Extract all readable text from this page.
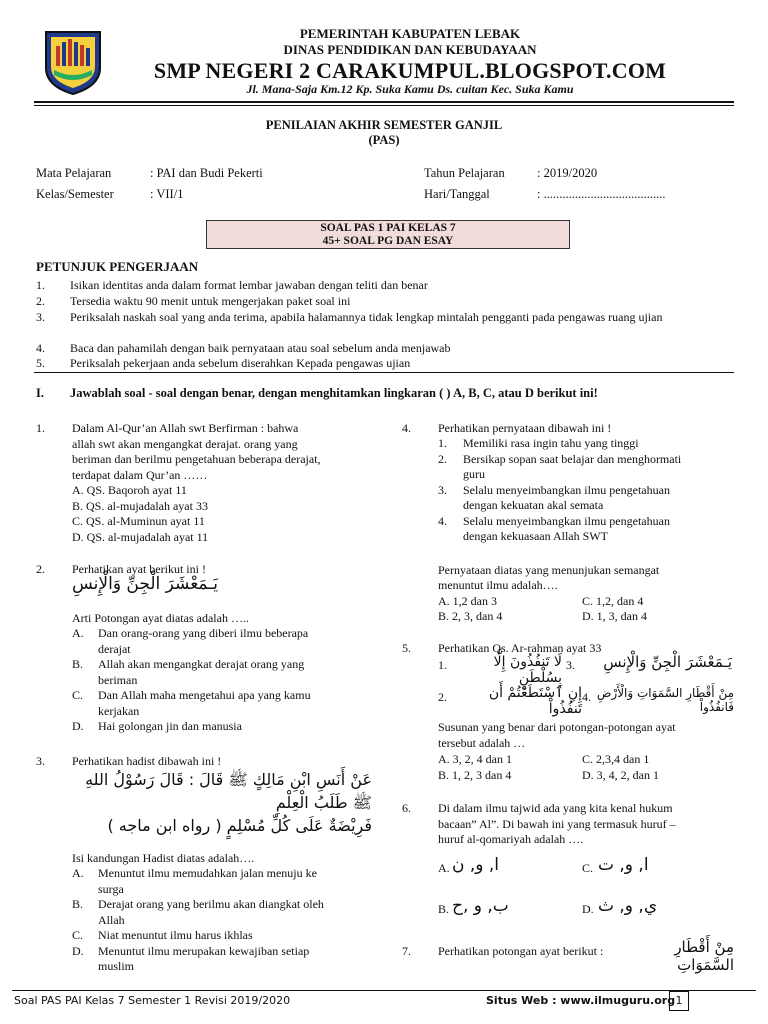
PEMERINTAH KABUPATEN LEBAK
DINAS PENDIDIKAN DAN KEBUDAYAAN
SMP NEGERI 2 CARAKUMPUL.BLOGSPOT.COM
Jl. Mana-Saja Km.12 Kp. Suka Kamu Ds. cuitan Kec. Suka Kamu
PENILAIAN AKHIR SEMESTER GANJIL
(PAS)
Mata Pelajaran	: PAI dan Budi Pekerti
Kelas/Semester	: VII/1
Tahun Pelajaran	: 2019/2020
Hari/Tanggal	: .......................................
SOAL PAS 1 PAI KELAS 7
45+ SOAL PG DAN ESAY
PETUNJUK PENGERJAAN
1. Isikan identitas anda dalam format lembar jawaban dengan teliti dan benar
2. Tersedia waktu 90 menit untuk mengerjakan paket soal ini
3. Periksalah naskah soal yang anda terima, apabila halamannya tidak lengkap mintalah pengganti pada pengawas ruang ujian
4. Baca dan pahamilah dengan baik pernyataan atau soal sebelum anda menjawab
5. Periksalah pekerjaan anda sebelum diserahkan Kepada pengawas ujian
I. Jawablah soal - soal dengan benar, dengan menghitamkan lingkaran ( ) A, B, C, atau D berikut ini!
1. Dalam Al-Qur’an Allah swt Berfirman : bahwa
allah swt akan mengangkat derajat. orang yang
beriman dan berilmu pengetahuan beberapa derajat,
terdapat dalam Qur’an ……
A. QS. Baqoroh ayat 11
B. QS. al-mujadalah ayat 33
C. QS. al-Muminun ayat 11
D. QS. al-mujadalah ayat 11
2. Perhatikan ayat berikut ini !
يَـمَعْشَرَ الْجِنِّ وَالْإِنسِ
Arti Potongan ayat diatas adalah …..
A.	Dan orang-orang yang diberi ilmu beberapa
derajat
B.	Allah akan mengangkat derajat orang yang
beriman
C.	Dan Allah maha mengetahui apa yang kamu
kerjakan
D.	Hai golongan jin dan manusia
3. Perhatikan hadist dibawah ini !
عَنْ أَنَسِ ابْنِ مَالِكٍ ﷺ قَالَ : قَالَ رَسُوْلُ اللهِ ﷺ طَلَبُ الْعِلْمِ
فَرِيْضَةٌ عَلَى كُلِّ مُسْلِمٍ ( رواه ابن ماجه )
Isi kandungan Hadist diatas adalah….
A.	Menuntut ilmu memudahkan jalan menuju ke
surga
B.	Derajat orang yang berilmu akan diangkat oleh
Allah
C.	Niat menuntut ilmu harus ikhlas
D.	Menuntut ilmu merupakan kewajiban setiap
muslim
4. Perhatikan pernyataan dibawah ini !
1.	Memiliki rasa ingin tahu yang tinggi
2.	Bersikap sopan saat belajar dan menghormati
guru
3.	Selalu menyeimbangkan ilmu pengetahuan
dengan kekuatan akal semata
4.	Selalu menyeimbangkan ilmu pengetahuan
dengan kekuasaan Allah SWT
Pernyataan diatas yang menunjukan semangat
menuntut ilmu adalah….
A. 1,2 dan 3	C. 1,2, dan 4
B. 2, 3, dan 4	D. 1, 3, dan 4
5. Perhatikan Qs. Ar-rahman ayat 33
1.	لَا تَنفُذُونَ إِلَّا بِسُلْطَنٍ
3.	يَـمَعْشَرَ الْجِنِّ وَالْإِنسِ
2.	إِنِ ٱسْتَطَعْتُمْ أَن تَنفُذُواْ
4. مِنْ أَقْطَارِ السَّمَوَاتِ وَالْأَرْضِ فَانفُذُواْ
Susunan yang benar dari potongan-potongan ayat
tersebut adalah …
A. 3, 2, 4 dan 1	C. 2,3,4 dan 1
B. 1, 2, 3 dan 4	D. 3, 4, 2, dan 1
6. Di dalam ilmu tajwid ada yang kita kenal hukum
bacaan” Al”. Di bawah ini yang termasuk huruf –
huruf al-qomariyah adalah ….
A. ا, و, ن	C. ا, و, ت
B. ب, و ,ح	D. ي, و, ث
7. Perhatikan potongan ayat berikut :	مِنْ أَقْطَارِ السَّمَوَاتِ
Soal PAS PAI Kelas 7 Semester 1 Revisi 2019/2020	Situs Web : www.ilmuguru.org 1
